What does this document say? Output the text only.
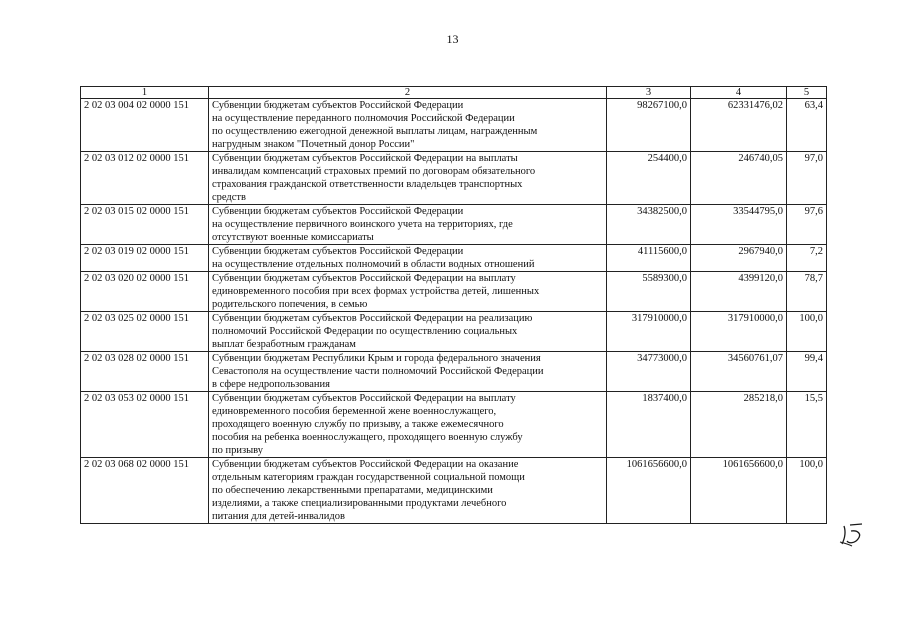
13
1	2	3	4	5
2 02 03 004 02 0000 151	Субвенции бюджетам субъектов Российской Федерации
на осуществление переданного полномочия Российской Федерации
по осуществлению ежегодной денежной выплаты лицам, награжденным
нагрудным знаком "Почетный донор России"	98267100,0	62331476,02	63,4
2 02 03 012 02 0000 151	Субвенции бюджетам субъектов Российской Федерации на выплаты
инвалидам компенсаций страховых премий по договорам обязательного
страхования гражданской ответственности владельцев транспортных
средств	254400,0	246740,05	97,0
2 02 03 015 02 0000 151	Субвенции бюджетам субъектов Российской Федерации
на осуществление первичного воинского учета на территориях, где
отсутствуют военные комиссариаты	34382500,0	33544795,0	97,6
2 02 03 019 02 0000 151	Субвенции бюджетам субъектов Российской Федерации
на осуществление отдельных полномочий в области водных отношений	41115600,0	2967940,0	7,2
2 02 03 020 02 0000 151	Субвенции бюджетам субъектов Российской Федерации на выплату
единовременного пособия при всех формах устройства детей, лишенных
родительского попечения, в семью	5589300,0	4399120,0	78,7
2 02 03 025 02 0000 151	Субвенции бюджетам субъектов Российской Федерации на реализацию
полномочий Российской Федерации по осуществлению социальных
выплат безработным гражданам	317910000,0	317910000,0	100,0
2 02 03 028 02 0000 151	Субвенции бюджетам Республики Крым и города федерального значения
Севастополя на осуществление части полномочий Российской Федерации
в сфере недропользования	34773000,0	34560761,07	99,4
2 02 03 053 02 0000 151	Субвенции бюджетам субъектов Российской Федерации на выплату
единовременного пособия беременной жене военнослужащего,
проходящего военную службу по призыву, а также ежемесячного
пособия на ребенка военнослужащего, проходящего военную службу
по призыву	1837400,0	285218,0	15,5
2 02 03 068 02 0000 151	Субвенции бюджетам субъектов Российской Федерации на оказание
отдельным категориям граждан государственной социальной помощи
по обеспечению лекарственными препаратами, медицинскими
изделиями, а также специализированными продуктами лечебного
питания для детей-инвалидов	1061656600,0	1061656600,0	100,0
